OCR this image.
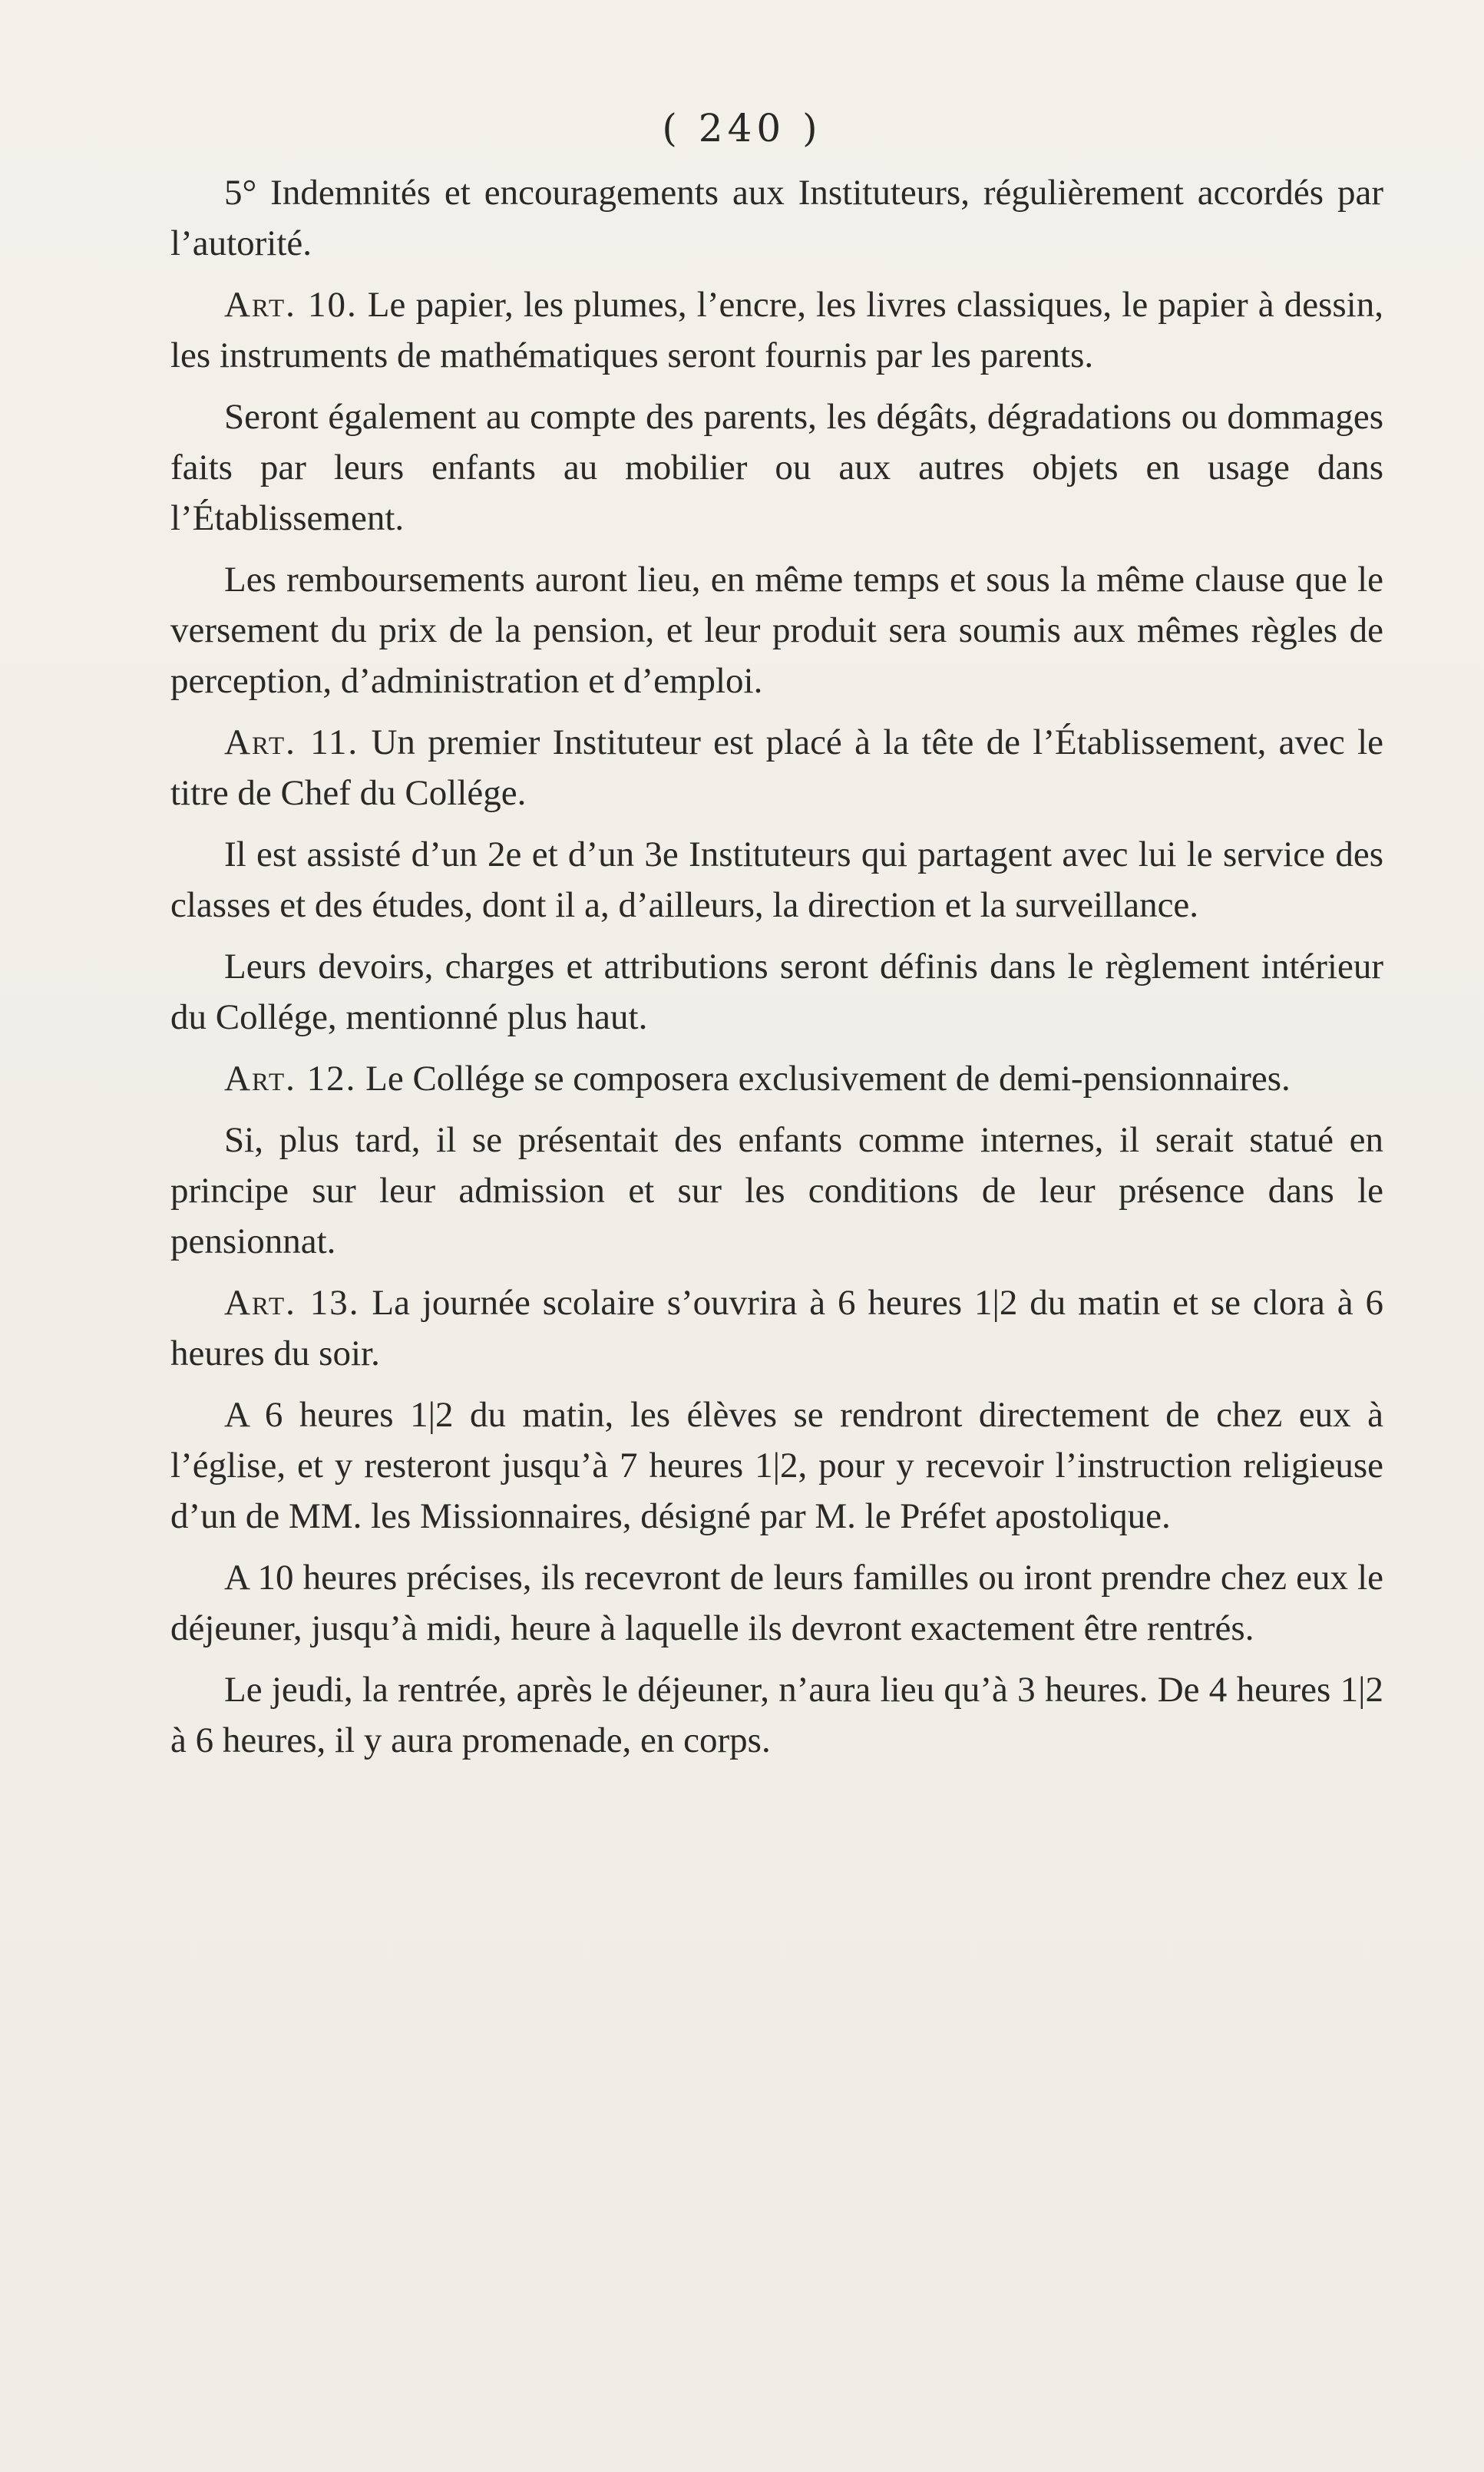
( 240 )

5° Indemnités et encouragements aux Instituteurs, régulièrement accordés par l’autorité.

Art. 10. Le papier, les plumes, l’encre, les livres classiques, le papier à dessin, les instruments de mathématiques seront fournis par les parents.

Seront également au compte des parents, les dégâts, dégradations ou dommages faits par leurs enfants au mobilier ou aux autres objets en usage dans l’Établissement.

Les remboursements auront lieu, en même temps et sous la même clause que le versement du prix de la pension, et leur produit sera soumis aux mêmes règles de perception, d’administration et d’emploi.

Art. 11. Un premier Instituteur est placé à la tête de l’Établissement, avec le titre de Chef du Collége.

Il est assisté d’un 2e et d’un 3e Instituteurs qui partagent avec lui le service des classes et des études, dont il a, d’ailleurs, la direction et la surveillance.

Leurs devoirs, charges et attributions seront définis dans le règlement intérieur du Collége, mentionné plus haut.

Art. 12. Le Collége se composera exclusivement de demi-pensionnaires.

Si, plus tard, il se présentait des enfants comme internes, il serait statué en principe sur leur admission et sur les conditions de leur présence dans le pensionnat.

Art. 13. La journée scolaire s’ouvrira à 6 heures 1|2 du matin et se clora à 6 heures du soir.

A 6 heures 1|2 du matin, les élèves se rendront directement de chez eux à l’église, et y resteront jusqu’à 7 heures 1|2, pour y recevoir l’instruction religieuse d’un de MM. les Missionnaires, désigné par M. le Préfet apostolique.

A 10 heures précises, ils recevront de leurs familles ou iront prendre chez eux le déjeuner, jusqu’à midi, heure à laquelle ils devront exactement être rentrés.

Le jeudi, la rentrée, après le déjeuner, n’aura lieu qu’à 3 heures. De 4 heures 1|2 à 6 heures, il y aura promenade, en corps.
